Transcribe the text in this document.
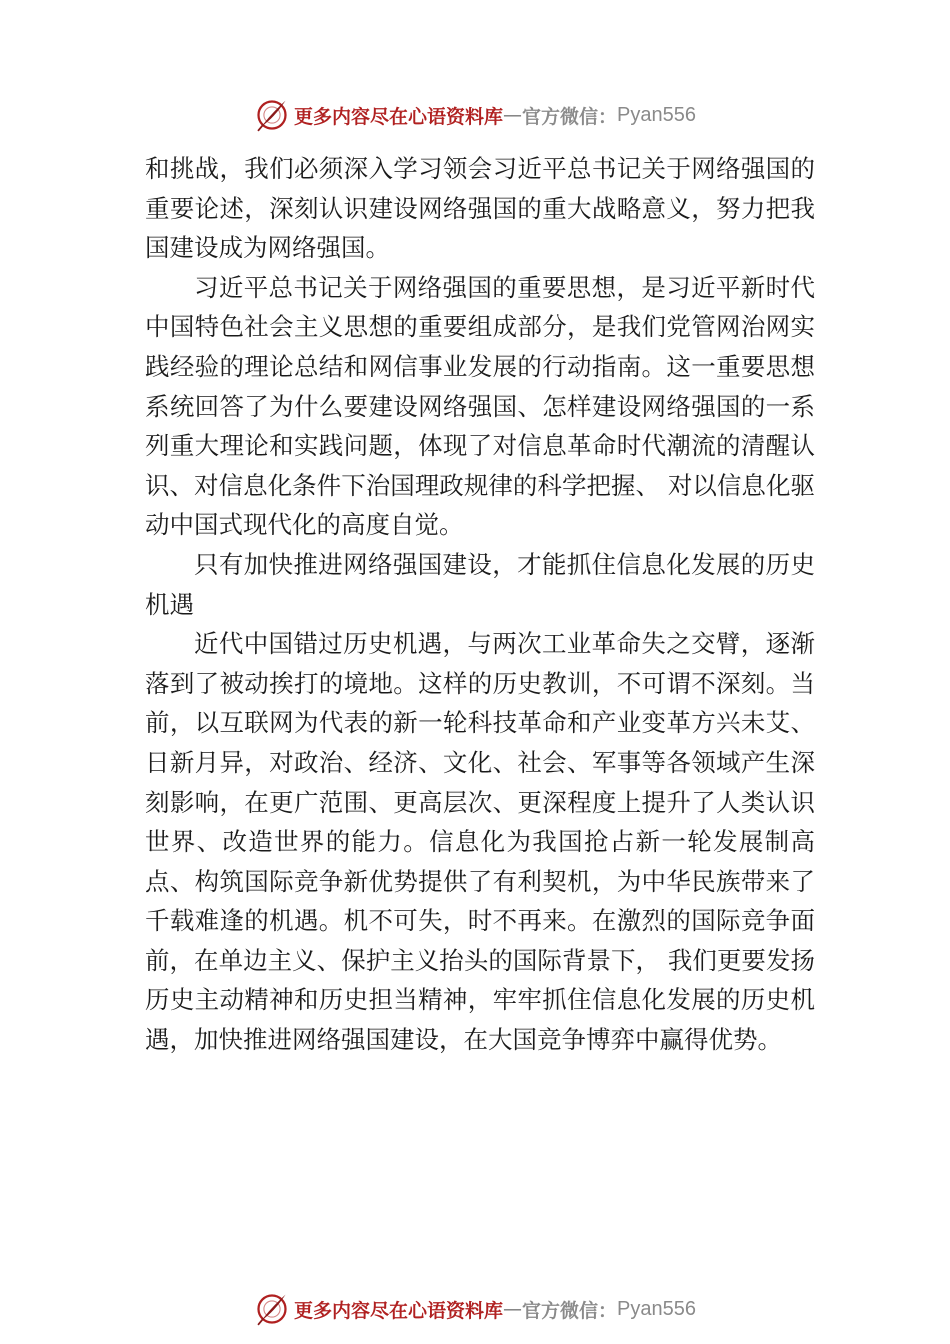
更多内容尽在心语资料库 — 官方微信： Pyan556

和挑战，我们必须深入学习领会习近平总书记关于网络强国的重要论述，深刻认识建设网络强国的重大战略意义，努力把我国建设成为网络强国。

习近平总书记关于网络强国的重要思想，是习近平新时代中国特色社会主义思想的重要组成部分，是我们党管网治网实践经验的理论总结和网信事业发展的行动指南。这一重要思想系统回答了为什么要建设网络强国、怎样建设网络强国的一系列重大理论和实践问题，体现了对信息革命时代潮流的清醒认识、对信息化条件下治国理政规律的科学把握、 对以信息化驱动中国式现代化的高度自觉。

只有加快推进网络强国建设，才能抓住信息化发展的历史机遇

近代中国错过历史机遇，与两次工业革命失之交臂，逐渐落到了被动挨打的境地。这样的历史教训，不可谓不深刻。当前，以互联网为代表的新一轮科技革命和产业变革方兴未艾、日新月异，对政治、经济、文化、社会、军事等各领域产生深刻影响，在更广范围、更高层次、更深程度上提升了人类认识世界、改造世界的能力。信息化为我国抢占新一轮发展制高点、构筑国际竞争新优势提供了有利契机，为中华民族带来了千载难逢的机遇。机不可失，时不再来。在激烈的国际竞争面前，在单边主义、保护主义抬头的国际背景下， 我们更要发扬历史主动精神和历史担当精神，牢牢抓住信息化发展的历史机遇，加快推进网络强国建设，在大国竞争博弈中赢得优势。

更多内容尽在心语资料库 — 官方微信： Pyan556
